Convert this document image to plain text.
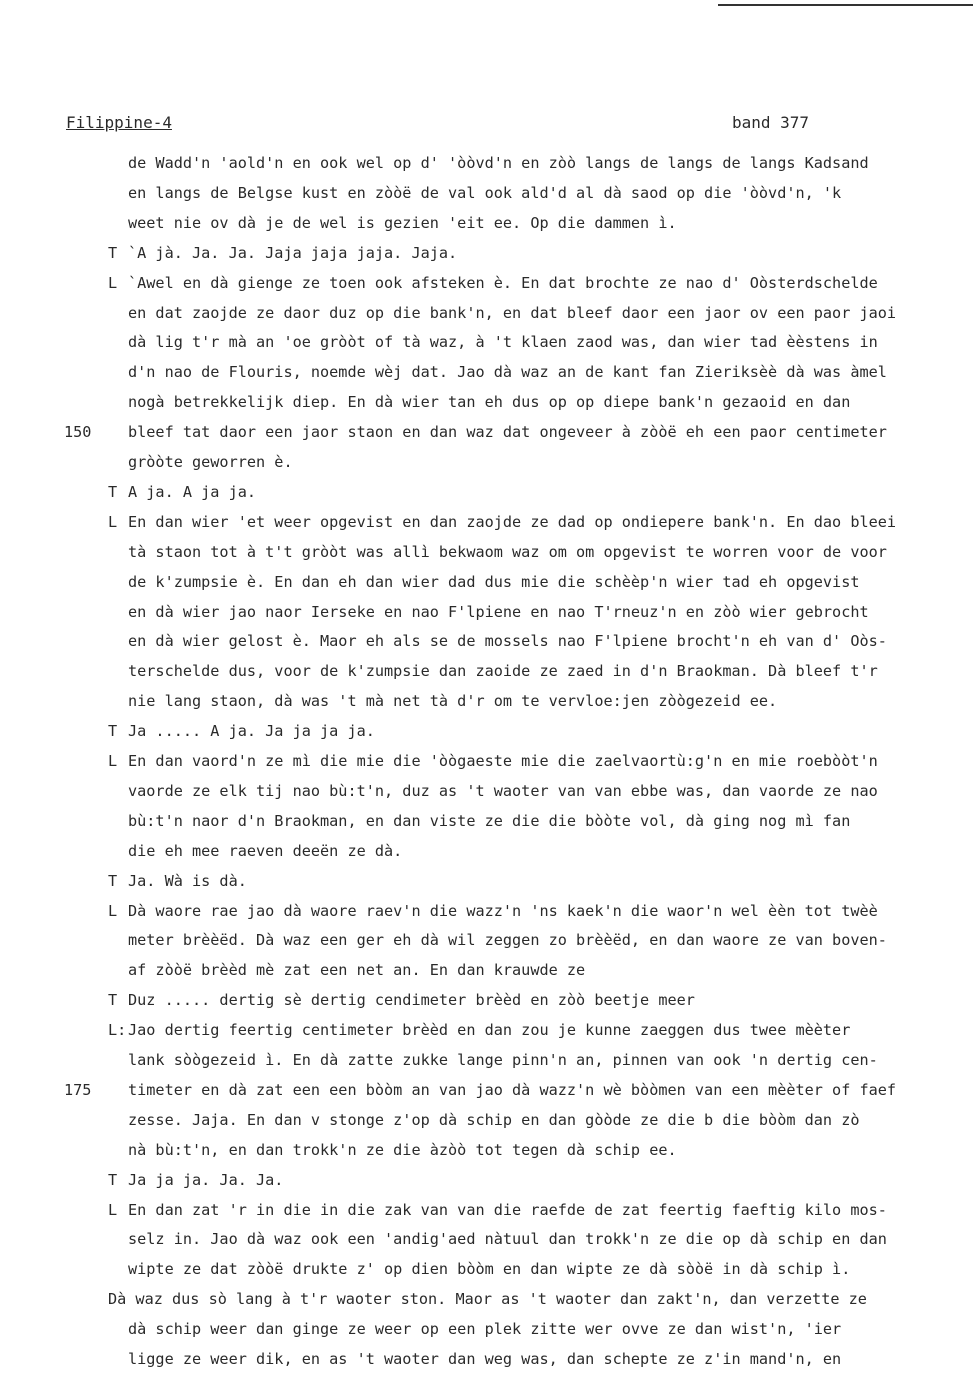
Filippine-4	band 377
de Wadd'n 'aold'n en ook wel op d' 'òòvd'n en zòò langs de langs de langs Kadsand
en langs de Belgse kust en zòòë de val ook ald'd al dà saod op die 'òòvd'n, 'k
weet nie ov dà je de wel is gezien 'eit ee. Op die dammen ì.
T `A jà. Ja. Ja. Jaja jaja jaja. Jaja.
L `Awel en dà gienge ze toen ook afsteken è. En dat brochte ze nao d' Oòsterdschelde
en dat zaojde ze daor duz op die bank'n, en dat bleef daor een jaor ov een paor jaoi
dà lig t'r mà an 'oe gròòt of tà waz, à 't klaen zaod was, dan wier tad èèstens in
d'n nao de Flouris, noemde wèj dat. Jao dà waz an de kant fan Zieriksèè dà was àmel
nogà betrekkelijk diep. En dà wier tan eh dus op op diepe bank'n gezaoid en dan
150 bleef tat daor een jaor staon en dan waz dat ongeveer à zòòë eh een paor centimeter
gròòte geworren è.
T A ja. A ja ja.
L En dan wier 'et weer opgevist en dan zaojde ze dad op ondiepere bank'n. En dao bleei
tà staon tot à t't gròòt was allì bekwaom waz om om opgevist te worren voor de voor
de k'zumpsie è. En dan eh dan wier dad dus mie die schèèp'n wier tad eh opgevist
en dà wier jao naor Ierseke en nao F'lpiene en nao T'rneuz'n en zòò wier gebrocht
en dà wier gelost è. Maor eh als se de mossels nao F'lpiene brocht'n eh van d' Oòs-
terschelde dus, voor de k'zumpsie dan zaoide ze zaed in d'n Braokman. Dà bleef t'r
nie lang staon, dà was 't mà net tà d'r om te vervloe:jen zòògezeid ee.
T Ja ..... A ja. Ja ja ja ja.
L En dan vaord'n ze mì die mie die 'òògaeste mie die zaelvaortù:g'n en mie roebòòt'n
vaorde ze elk tij nao bù:t'n, duz as 't waoter van van ebbe was, dan vaorde ze nao
bù:t'n naor d'n Braokman, en dan viste ze die die bòòte vol, dà ging nog mì fan
die eh mee raeven deeën ze dà.
T Ja. Wà is dà.
L Dà waore rae jao dà waore raev'n die wazz'n 'ns kaek'n die waor'n wel èèn tot twèè
meter brèèëd. Dà waz een ger eh dà wil zeggen zo brèèëd, en dan waore ze van boven-
af zòòë brèèd mè zat een net an. En dan krauwde ze
T Duz ..... dertig sè dertig cendimeter brèèd en zòò beetje meer
L: Jao dertig feertig centimeter brèèd en dan zou je kunne zaeggen dus twee mèèter
lank sòògezeid ì. En dà zatte zukke lange pinn'n an, pinnen van ook 'n dertig cen-
175 timeter en dà zat een een bòòm an van jao dà wazz'n wè bòòmen van een mèèter of faef
zesse. Jaja. En dan v stonge z'op dà schip en dan gòòde ze die b die bòòm dan zò
nà bù:t'n, en dan trokk'n ze die àzòò tot tegen dà schip ee.
T Ja ja ja. Ja. Ja.
L En dan zat 'r in die in die zak van van die raefde de zat feertig faeftig kilo mos-
selz in. Jao dà waz ook een 'andig'aed nàtuul dan trokk'n ze die op dà schip en dan
wipte ze dat zòòë drukte z' op dien bòòm en dan wipte ze dà sòòë in dà schip ì.
Dà waz dus sò lang à t'r waoter ston. Maor as 't waoter dan zakt'n, dan verzette ze
dà schip weer dan ginge ze weer op een plek zitte wer ovve ze dan wist'n, 'ier
ligge ze weer dik, en as 't waoter dan weg was, dan schepte ze z'in mand'n, en
